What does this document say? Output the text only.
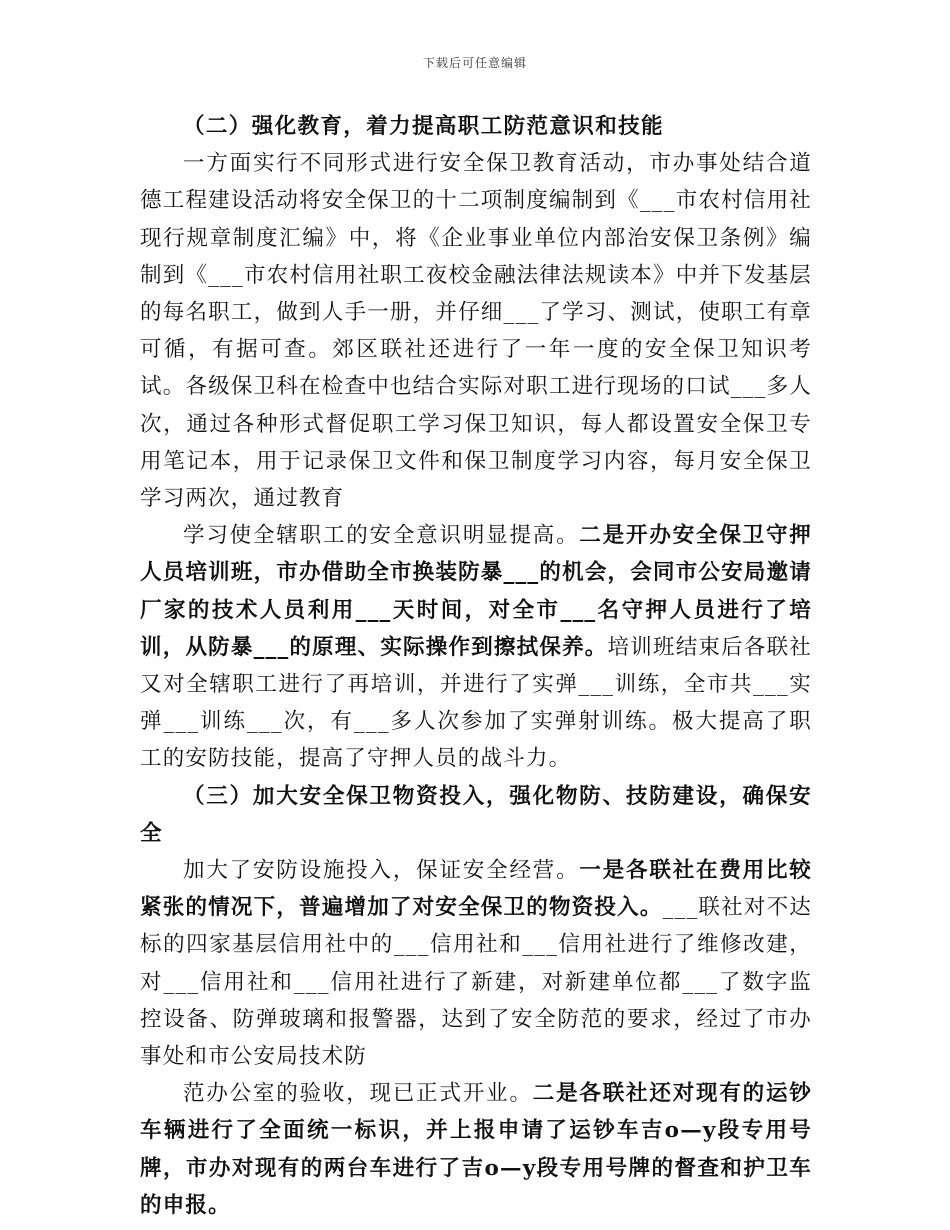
下载后可任意编辑

（二）强化教育，着力提高职工防范意识和技能

一方面实行不同形式进行安全保卫教育活动，市办事处结合道德工程建设活动将安全保卫的十二项制度编制到《___市农村信用社现行规章制度汇编》中，将《企业事业单位内部治安保卫条例》编制到《___市农村信用社职工夜校金融法律法规读本》中并下发基层的每名职工，做到人手一册，并仔细___了学习、测试，使职工有章可循，有据可查。郊区联社还进行了一年一度的安全保卫知识考试。各级保卫科在检查中也结合实际对职工进行现场的口试___多人次，通过各种形式督促职工学习保卫知识，每人都设置安全保卫专用笔记本，用于记录保卫文件和保卫制度学习内容，每月安全保卫学习两次，通过教育

学习使全辖职工的安全意识明显提高。二是开办安全保卫守押人员培训班，市办借助全市换装防暴___的机会，会同市公安局邀请厂家的技术人员利用___天时间，对全市___名守押人员进行了培训，从防暴___的原理、实际操作到擦拭保养。培训班结束后各联社又对全辖职工进行了再培训，并进行了实弹___训练，全市共___实弹___训练___次，有___多人次参加了实弹射训练。极大提高了职工的安防技能，提高了守押人员的战斗力。

（三）加大安全保卫物资投入，强化物防、技防建设，确保安全

加大了安防设施投入，保证安全经营。一是各联社在费用比较紧张的情况下，普遍增加了对安全保卫的物资投入。___联社对不达标的四家基层信用社中的___信用社和___信用社进行了维修改建，对___信用社和___信用社进行了新建，对新建单位都___了数字监控设备、防弹玻璃和报警器，达到了安全防范的要求，经过了市办事处和市公安局技术防

范办公室的验收，现已正式开业。二是各联社还对现有的运钞车辆进行了全面统一标识，并上报申请了运钞车吉o—y段专用号牌，市办对现有的两台车进行了吉o—y段专用号牌的督查和护卫车的申报。
